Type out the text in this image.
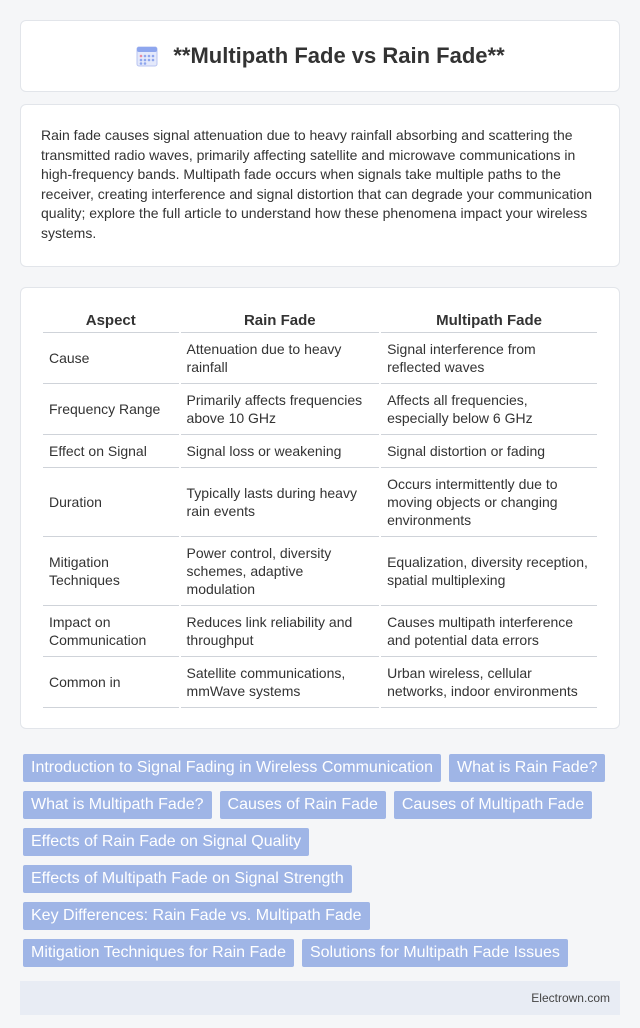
**Multipath Fade vs Rain Fade**

Rain fade causes signal attenuation due to heavy rainfall absorbing and scattering the transmitted radio waves, primarily affecting satellite and microwave communications in high-frequency bands. Multipath fade occurs when signals take multiple paths to the receiver, creating interference and signal distortion that can degrade your communication quality; explore the full article to understand how these phenomena impact your wireless systems.

Aspect	Rain Fade	Multipath Fade
Cause	Attenuation due to heavy rainfall	Signal interference from reflected waves
Frequency Range	Primarily affects frequencies above 10 GHz	Affects all frequencies, especially below 6 GHz
Effect on Signal	Signal loss or weakening	Signal distortion or fading
Duration	Typically lasts during heavy rain events	Occurs intermittently due to moving objects or changing environments
Mitigation Techniques	Power control, diversity schemes, adaptive modulation	Equalization, diversity reception, spatial multiplexing
Impact on Communication	Reduces link reliability and throughput	Causes multipath interference and potential data errors
Common in	Satellite communications, mmWave systems	Urban wireless, cellular networks, indoor environments
Introduction to Signal Fading in Wireless Communication	What is Rain Fade?
What is Multipath Fade?	Causes of Rain Fade	Causes of Multipath Fade
Effects of Rain Fade on Signal Quality
Effects of Multipath Fade on Signal Strength
Key Differences: Rain Fade vs. Multipath Fade
Mitigation Techniques for Rain Fade	Solutions for Multipath Fade Issues
Electrown.com
